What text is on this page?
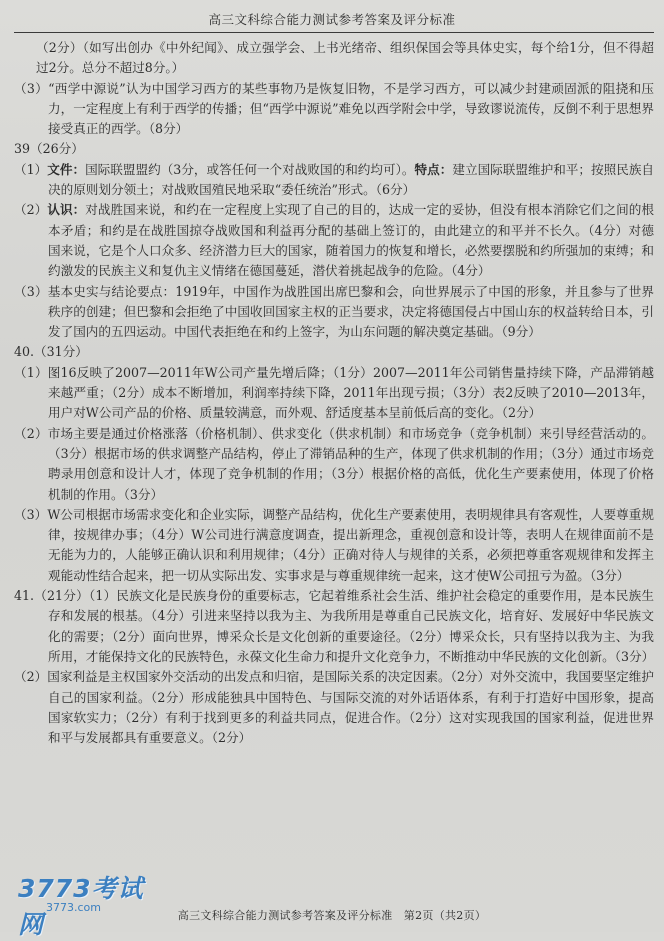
高三文科综合能力测试参考答案及评分标准

（2分）（如写出创办《中外纪闻》、成立强学会、上书光绪帝、组织保国会等具体史实，每个给1分，但不得超过2分。总分不超过8分。）

（3）“西学中源说”认为中国学习西方的某些事物乃是恢复旧物，不是学习西方，可以减少封建顽固派的阻挠和压力，一定程度上有利于西学的传播；但“西学中源说”难免以西学附会中学，导致谬说流传，反倒不利于思想界接受真正的西学。（8分）

39（26分）

（1）文件：国际联盟盟约（3分，或答任何一个对战败国的和约均可）。特点：建立国际联盟维护和平；按照民族自决的原则划分领土；对战败国殖民地采取“委任统治”形式。（6分）

（2）认识：对战胜国来说，和约在一定程度上实现了自己的目的，达成一定的妥协，但没有根本消除它们之间的根本矛盾；和约是在战胜国掠夺战败国和利益再分配的基础上签订的，由此建立的和平并不长久。（4分）对德国来说，它是个人口众多、经济潜力巨大的国家，随着国力的恢复和增长，必然要摆脱和约所强加的束缚；和约激发的民族主义和复仇主义情绪在德国蔓延，潜伏着挑起战争的危险。（4分）

（3）基本史实与结论要点：1919年，中国作为战胜国出席巴黎和会，向世界展示了中国的形象，并且参与了世界秩序的创建；但巴黎和会拒绝了中国收回国家主权的正当要求，决定将德国侵占中国山东的权益转给日本，引发了国内的五四运动。中国代表拒绝在和约上签字，为山东问题的解决奠定基础。（9分）

40.（31分）

（1）图16反映了2007—2011年W公司产量先增后降；（1分）2007—2011年公司销售量持续下降，产品滞销越来越严重；（2分）成本不断增加，利润率持续下降，2011年出现亏损；（3分）表2反映了2010—2013年，用户对W公司产品的价格、质量较满意，而外观、舒适度基本呈前低后高的变化。（2分）

（2）市场主要是通过价格涨落（价格机制）、供求变化（供求机制）和市场竞争（竞争机制）来引导经营活动的。（3分）根据市场的供求调整产品结构，停止了滞销品种的生产，体现了供求机制的作用；（3分）通过市场竞聘录用创意和设计人才，体现了竞争机制的作用；（3分）根据价格的高低，优化生产要素使用，体现了价格机制的作用。（3分）

（3）W公司根据市场需求变化和企业实际，调整产品结构，优化生产要素使用，表明规律具有客观性，人要尊重规律，按规律办事；（4分）W公司进行满意度调查，提出新理念，重视创意和设计等，表明人在规律面前不是无能为力的，人能够正确认识和利用规律；（4分）正确对待人与规律的关系，必须把尊重客观规律和发挥主观能动性结合起来，把一切从实际出发、实事求是与尊重规律统一起来，这才使W公司扭亏为盈。（3分）

41.（21分）（1）民族文化是民族身份的重要标志，它起着维系社会生活、维护社会稳定的重要作用，是本民族生存和发展的根基。（4分）引进来坚持以我为主、为我所用是尊重自己民族文化，培育好、发展好中华民族文化的需要；（2分）面向世界，博采众长是文化创新的重要途径。（2分）博采众长，只有坚持以我为主、为我所用，才能保持文化的民族特色，永葆文化生命力和提升文化竞争力，不断推动中华民族的文化创新。（3分）

（2）国家利益是主权国家外交活动的出发点和归宿，是国际关系的决定因素。（2分）对外交流中，我国要坚定维护自己的国家利益。（2分）形成能独具中国特色、与国际交流的对外话语体系，有利于打造好中国形象，提高国家软实力；（2分）有利于找到更多的利益共同点，促进合作。（2分）这对实现我国的国家利益，促进世界和平与发展都具有重要意义。（2分）

3773考试网
3773.com
高三文科综合能力测试参考答案及评分标准　第2页（共2页）
